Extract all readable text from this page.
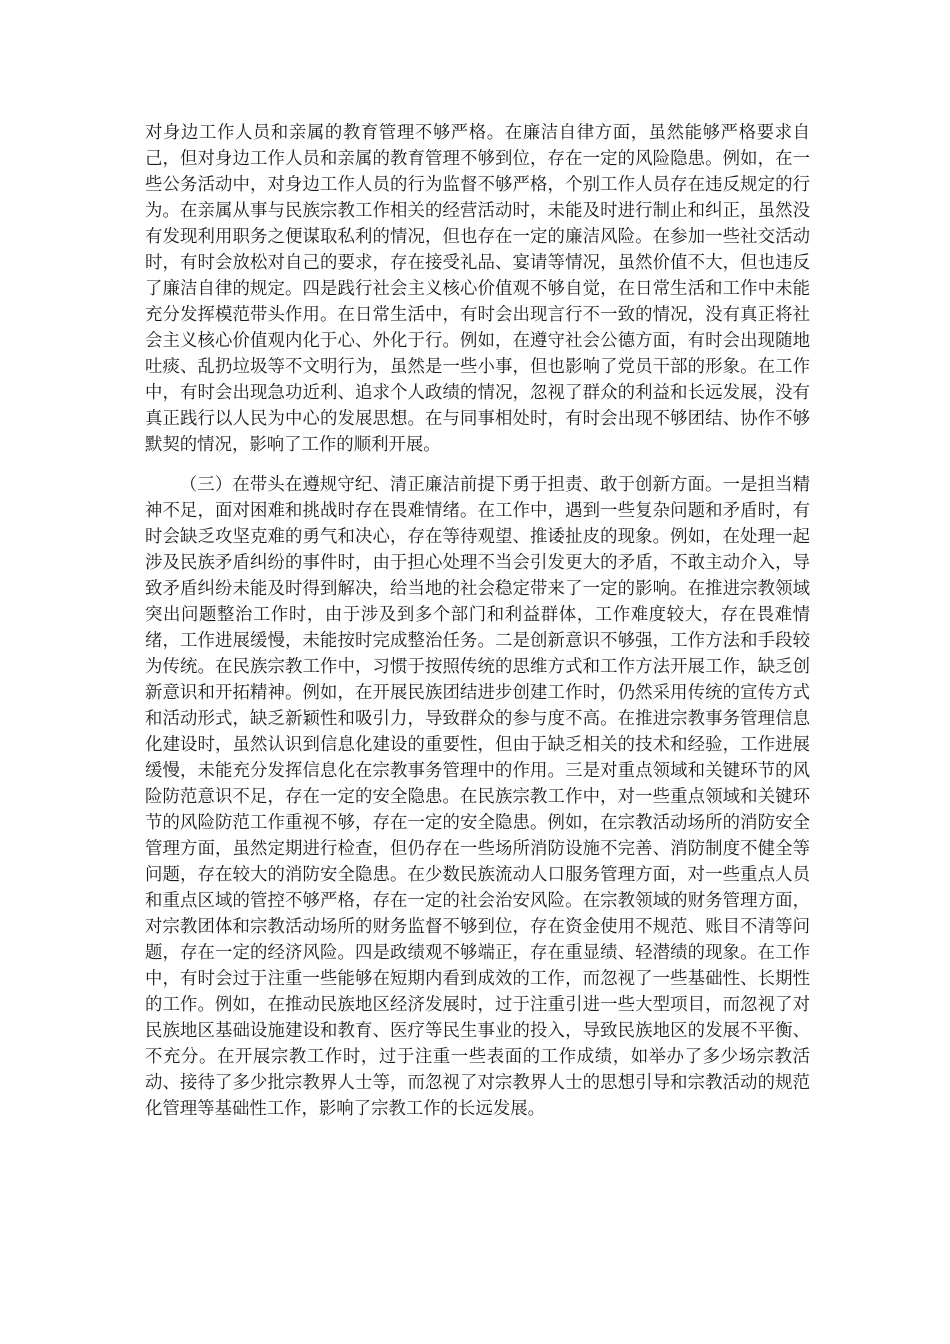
对身边工作人员和亲属的教育管理不够严格。在廉洁自律方面，虽然能够严格要求自己，但对身边工作人员和亲属的教育管理不够到位，存在一定的风险隐患。例如，在一些公务活动中，对身边工作人员的行为监督不够严格，个别工作人员存在违反规定的行为。在亲属从事与民族宗教工作相关的经营活动时，未能及时进行制止和纠正，虽然没有发现利用职务之便谋取私利的情况，但也存在一定的廉洁风险。在参加一些社交活动时，有时会放松对自己的要求，存在接受礼品、宴请等情况，虽然价值不大，但也违反了廉洁自律的规定。四是践行社会主义核心价值观不够自觉，在日常生活和工作中未能充分发挥模范带头作用。在日常生活中，有时会出现言行不一致的情况，没有真正将社会主义核心价值观内化于心、外化于行。例如，在遵守社会公德方面，有时会出现随地吐痰、乱扔垃圾等不文明行为，虽然是一些小事，但也影响了党员干部的形象。在工作中，有时会出现急功近利、追求个人政绩的情况，忽视了群众的利益和长远发展，没有真正践行以人民为中心的发展思想。在与同事相处时，有时会出现不够团结、协作不够默契的情况，影响了工作的顺利开展。

（三）在带头在遵规守纪、清正廉洁前提下勇于担责、敢于创新方面。一是担当精神不足，面对困难和挑战时存在畏难情绪。在工作中，遇到一些复杂问题和矛盾时，有时会缺乏攻坚克难的勇气和决心，存在等待观望、推诿扯皮的现象。例如，在处理一起涉及民族矛盾纠纷的事件时，由于担心处理不当会引发更大的矛盾，不敢主动介入，导致矛盾纠纷未能及时得到解决，给当地的社会稳定带来了一定的影响。在推进宗教领域突出问题整治工作时，由于涉及到多个部门和利益群体，工作难度较大，存在畏难情绪，工作进展缓慢，未能按时完成整治任务。二是创新意识不够强，工作方法和手段较为传统。在民族宗教工作中，习惯于按照传统的思维方式和工作方法开展工作，缺乏创新意识和开拓精神。例如，在开展民族团结进步创建工作时，仍然采用传统的宣传方式和活动形式，缺乏新颖性和吸引力，导致群众的参与度不高。在推进宗教事务管理信息化建设时，虽然认识到信息化建设的重要性，但由于缺乏相关的技术和经验，工作进展缓慢，未能充分发挥信息化在宗教事务管理中的作用。三是对重点领域和关键环节的风险防范意识不足，存在一定的安全隐患。在民族宗教工作中，对一些重点领域和关键环节的风险防范工作重视不够，存在一定的安全隐患。例如，在宗教活动场所的消防安全管理方面，虽然定期进行检查，但仍存在一些场所消防设施不完善、消防制度不健全等问题，存在较大的消防安全隐患。在少数民族流动人口服务管理方面，对一些重点人员和重点区域的管控不够严格，存在一定的社会治安风险。在宗教领域的财务管理方面，对宗教团体和宗教活动场所的财务监督不够到位，存在资金使用不规范、账目不清等问题，存在一定的经济风险。四是政绩观不够端正，存在重显绩、轻潜绩的现象。在工作中，有时会过于注重一些能够在短期内看到成效的工作，而忽视了一些基础性、长期性的工作。例如，在推动民族地区经济发展时，过于注重引进一些大型项目，而忽视了对民族地区基础设施建设和教育、医疗等民生事业的投入，导致民族地区的发展不平衡、不充分。在开展宗教工作时，过于注重一些表面的工作成绩，如举办了多少场宗教活动、接待了多少批宗教界人士等，而忽视了对宗教界人士的思想引导和宗教活动的规范化管理等基础性工作，影响了宗教工作的长远发展。
